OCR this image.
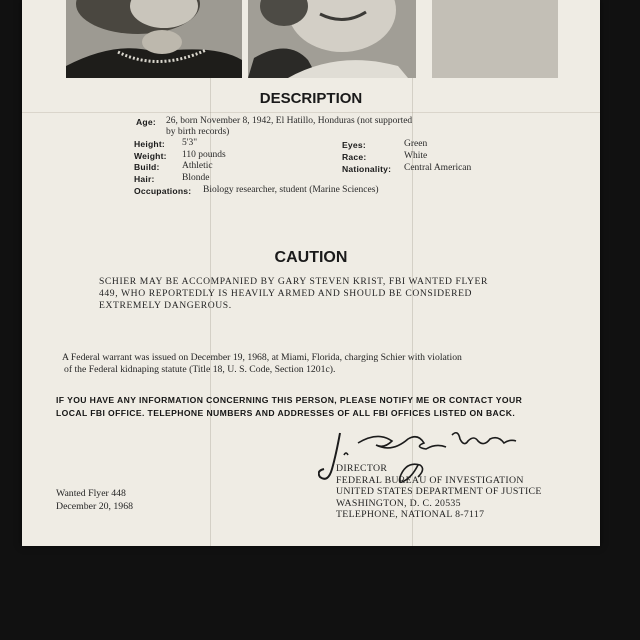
DESCRIPTION
Age: 26, born November 8, 1942, El Hatillo, Honduras (not supported
by birth records)
Height: 5'3"
Weight: 110 pounds
Build: Athletic
Hair:	Blonde
Eyes:	Green
Race:	White
Nationality: Central American
Occupations: Biology researcher, student (Marine Sciences)
CAUTION
SCHIER MAY BE ACCOMPANIED BY GARY STEVEN KRIST, FBI WANTED FLYER
449, WHO REPORTEDLY IS HEAVILY ARMED AND SHOULD BE CONSIDERED
EXTREMELY DANGEROUS.
A Federal warrant was issued on December 19, 1968, at Miami, Florida, charging Schier with violation
of the Federal kidnaping statute (Title 18, U. S. Code, Section 1201c).
IF YOU HAVE ANY INFORMATION CONCERNING THIS PERSON, PLEASE NOTIFY ME OR CONTACT YOUR
LOCAL FBI OFFICE. TELEPHONE NUMBERS AND ADDRESSES OF ALL FBI OFFICES LISTED ON BACK.
DIRECTOR
FEDERAL BUREAU OF INVESTIGATION
UNITED STATES DEPARTMENT OF JUSTICE
WASHINGTON, D. C. 20535
TELEPHONE, NATIONAL 8-7117
Wanted Flyer 448
December 20, 1968
